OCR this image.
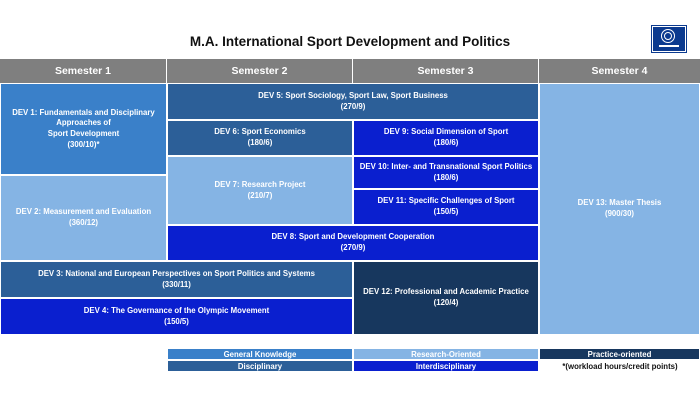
M.A. International Sport Development and Politics
Semester 1	Semester 2	Semester 3	Semester 4
DEV 1: Fundamentals and Disciplinary
Approaches of
Sport Development
(300/10)*
DEV 2: Measurement and Evaluation
(360/12)
DEV 5: Sport Sociology, Sport Law, Sport Business
(270/9)
DEV 6: Sport Economics
(180/6)
DEV 9: Social Dimension of Sport
(180/6)
DEV 7: Research Project
(210/7)
DEV 10: Inter- and Transnational Sport Politics
(180/6)
DEV 11: Specific Challenges of Sport
(150/5)
DEV 8: Sport and Development Cooperation
(270/9)
DEV 3: National and European Perspectives on Sport Politics and Systems
(330/11)
DEV 4: The Governance of the Olympic Movement
(150/5)
DEV 12: Professional and Academic Practice
(120/4)
DEV 13: Master Thesis
(900/30)
General Knowledge	Research-Oriented	Practice-oriented
Disciplinary	Interdisciplinary	*(workload hours/credit points)
